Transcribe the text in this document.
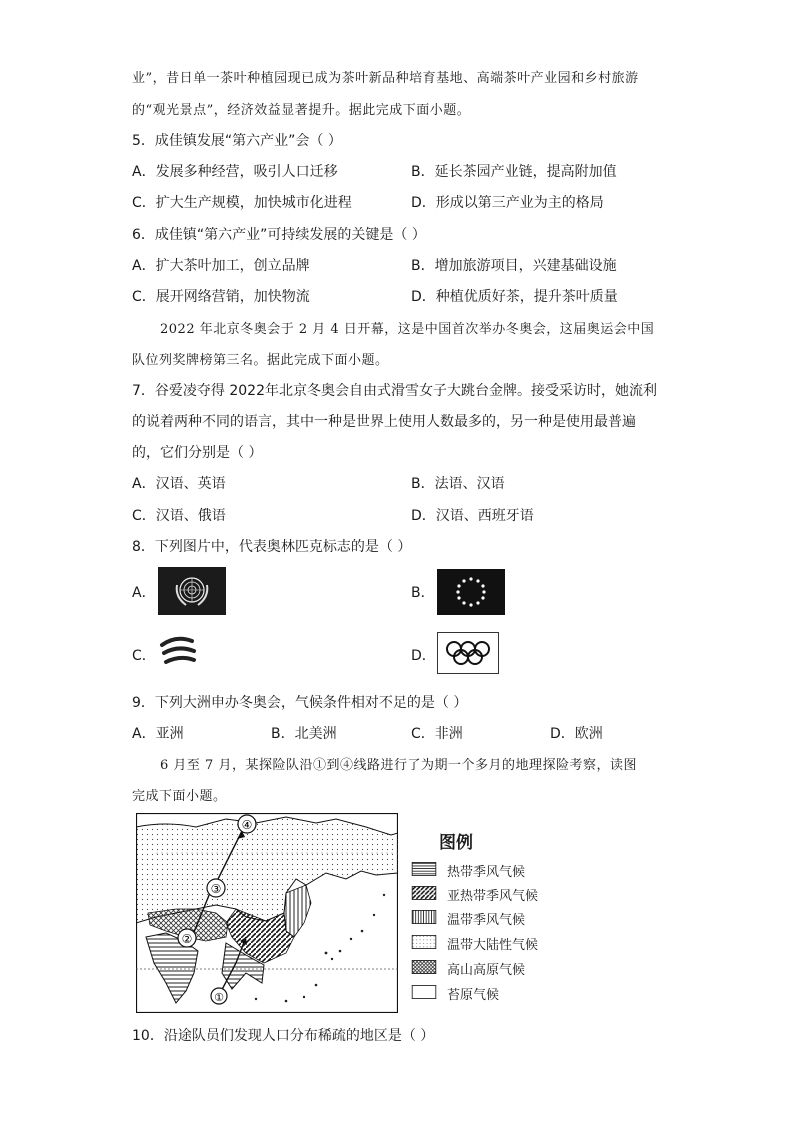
业”，昔日单一茶叶种植园现已成为茶叶新品种培育基地、高端茶叶产业园和乡村旅游
的“观光景点”，经济效益显著提升。据此完成下面小题。
5．成佳镇发展“第六产业”会（ ）
A．发展多种经营，吸引人口迁移	B．延长茶园产业链，提高附加值
C．扩大生产规模，加快城市化进程	D．形成以第三产业为主的格局
6．成佳镇“第六产业”可持续发展的关键是（ ）
A．扩大茶叶加工，创立品牌	B．增加旅游项目，兴建基础设施
C．展开网络营销，加快物流	D．种植优质好茶，提升茶叶质量
2022 年北京冬奥会于 2 月 4 日开幕，这是中国首次举办冬奥会，这届奥运会中国
队位列奖牌榜第三名。据此完成下面小题。
7．谷爱凌夺得 2022年北京冬奥会自由式滑雪女子大跳台金牌。接受采访时，她流利
的说着两种不同的语言，其中一种是世界上使用人数最多的，另一种是使用最普遍
的，它们分别是（ ）
A．汉语、英语	B．法语、汉语
C．汉语、俄语	D．汉语、西班牙语
8．下列图片中，代表奥林匹克标志的是（ ）
A．	B．
C．	D．
9．下列大洲申办冬奥会，气候条件相对不足的是（ ）
A．亚洲	B．北美洲	C．非洲	D．欧洲
6 月至 7 月，某探险队沿①到④线路进行了为期一个多月的地理探险考察，读图
完成下面小题。
①
②
③
④
图例
热带季风气候
亚热带季风气候
温带季风气候
温带大陆性气候
高山高原气候
苔原气候
10．沿途队员们发现人口分布稀疏的地区是（ ）
